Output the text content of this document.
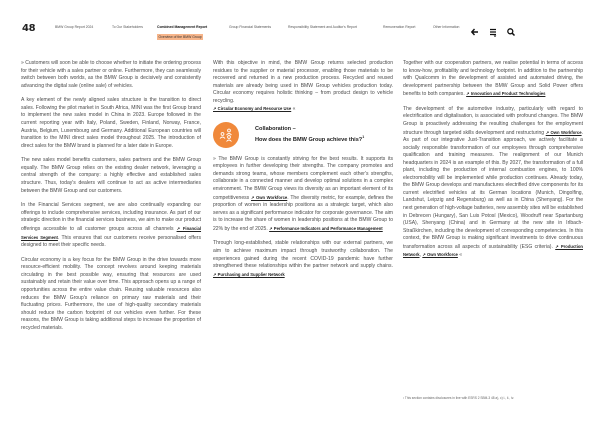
48	BMW Group Report 2024	To Our Stakeholders	Combined Management Report	Group Financial Statements	Responsibility Statement and Auditor's Report	Remuneration Report	Other Information
Overview of the BMW Group

» Customers will soon be able to choose whether to initiate the ordering process for their vehicle with a sales partner or online. Furthermore, they can seamlessly switch between both worlds, as the BMW Group is decisively and consistently advancing the digital sale (online sale) of vehicles.

A key element of the newly aligned sales structure is the transition to direct sales. Following the pilot market in South Africa, MINI was the first Group brand to implement the new sales model in China in 2023. Europe followed in the current reporting year with Italy, Poland, Sweden, Finland, Norway, France, Austria, Belgium, Luxembourg and Germany. Additional European countries will transition to the MINI direct sales model throughout 2025. The introduction of direct sales for the BMW brand is planned for a later date in Europe.

The new sales model benefits customers, sales partners and the BMW Group equally. The BMW Group relies on the existing dealer network, leveraging a central strength of the company: a highly effective and established sales structure. Thus, today's dealers will continue to act as active intermediaries between the BMW Group and our customers.

In the Financial Services segment, we are also continually expanding our offerings to include comprehensive services, including insurance. As part of our strategic direction in the financial services business, we aim to make our product offerings accessible to all customer groups across all channels ↗ Financial Services Segment. This ensures that our customers receive personalised offers designed to meet their specific needs.

Circular economy is a key focus for the BMW Group in the drive towards more resource-efficient mobility. The concept revolves around keeping materials circulating in the best possible way, ensuring that resources are used sustainably and retain their value over time. This approach opens up a range of opportunities across the entire value chain. Reusing valuable resources also reduces the BMW Group's reliance on primary raw materials and their fluctuating prices. Furthermore, the use of high-quality secondary materials should reduce the carbon footprint of our vehicles even further. For these reasons, the BMW Group is taking additional steps to increase the proportion of recycled materials.

With this objective in mind, the BMW Group returns selected production residues to the supplier or material processor, enabling those materials to be recovered and returned in a new production process. Recycled and reused materials are already being used in BMW Group vehicles production today. Circular economy requires holistic thinking – from product design to vehicle recycling.
↗ Circular Economy and Resource Use «

Collaboration –
How does the BMW Group achieve this?$^1$

» The BMW Group is constantly striving for the best results. It supports its employees in further developing their strengths. The company promotes and demands strong teams, whose members complement each other's strengths, collaborate in a connected manner and develop optimal solutions in a complex environment. The BMW Group views its diversity as an important element of its competitiveness ↗ Own Workforce. The diversity metric, for example, defines the proportion of women in leadership positions as a strategic target, which also serves as a significant performance indicator for corporate governance. The aim is to increase the share of women in leadership positions at the BMW Group to 22% by the end of 2025. ↗ Performance Indicators and Performance Management

Through long-established, stable relationships with our external partners, we aim to achieve maximum impact through trustworthy collaboration. The experiences gained during the recent COVID-19 pandemic have further strengthened these relationships within the partner network and supply chains. ↗ Purchasing and Supplier Network

Together with our cooperation partners, we realise potential in terms of access to know-how, profitability and technology footprint. In addition to the partnership with Qualcomm in the development of assisted and automated driving, the development partnership between the BMW Group and Solid Power offers benefits to both companies. ↗ Innovation and Product Technologies

The development of the automotive industry, particularly with regard to electrification and digitalisation, is associated with profound changes. The BMW Group is proactively addressing the resulting challenges for the employment structure through targeted skills development and restructuring ↗ Own Workforce. As part of our integrative Just-Transition approach, we actively facilitate a socially responsible transformation of our employees through comprehensive qualification and training measures. The realignment of our Munich headquarters in 2024 is an example of this. By 2027, the transformation of a full plant, including the production of internal combustion engines, to 100% electromobility will be implemented while production continues. Already today, the BMW Group develops and manufactures electrified drive components for its current electrified vehicles at its German locations (Munich, Dingolfing, Landshut, Leipzig and Regensburg) as well as in China (Shenyang). For the next generation of high-voltage batteries, new assembly sites will be established in Debrecen (Hungary), San Luis Potosí (Mexico), Woodruff near Spartanburg (USA), Shenyang (China) and in Germany at the new site in Irlbach-Straßkirchen, including the development of corresponding competencies. In this context, the BMW Group is making significant investments to drive continuous transformation across all aspects of sustainability (ESG criteria). ↗ Production Network, ↗ Own Workforce «

¹ This section contains disclosures in line with ESRS 2 SBM-3 48 a), c) i., ii., iv.
